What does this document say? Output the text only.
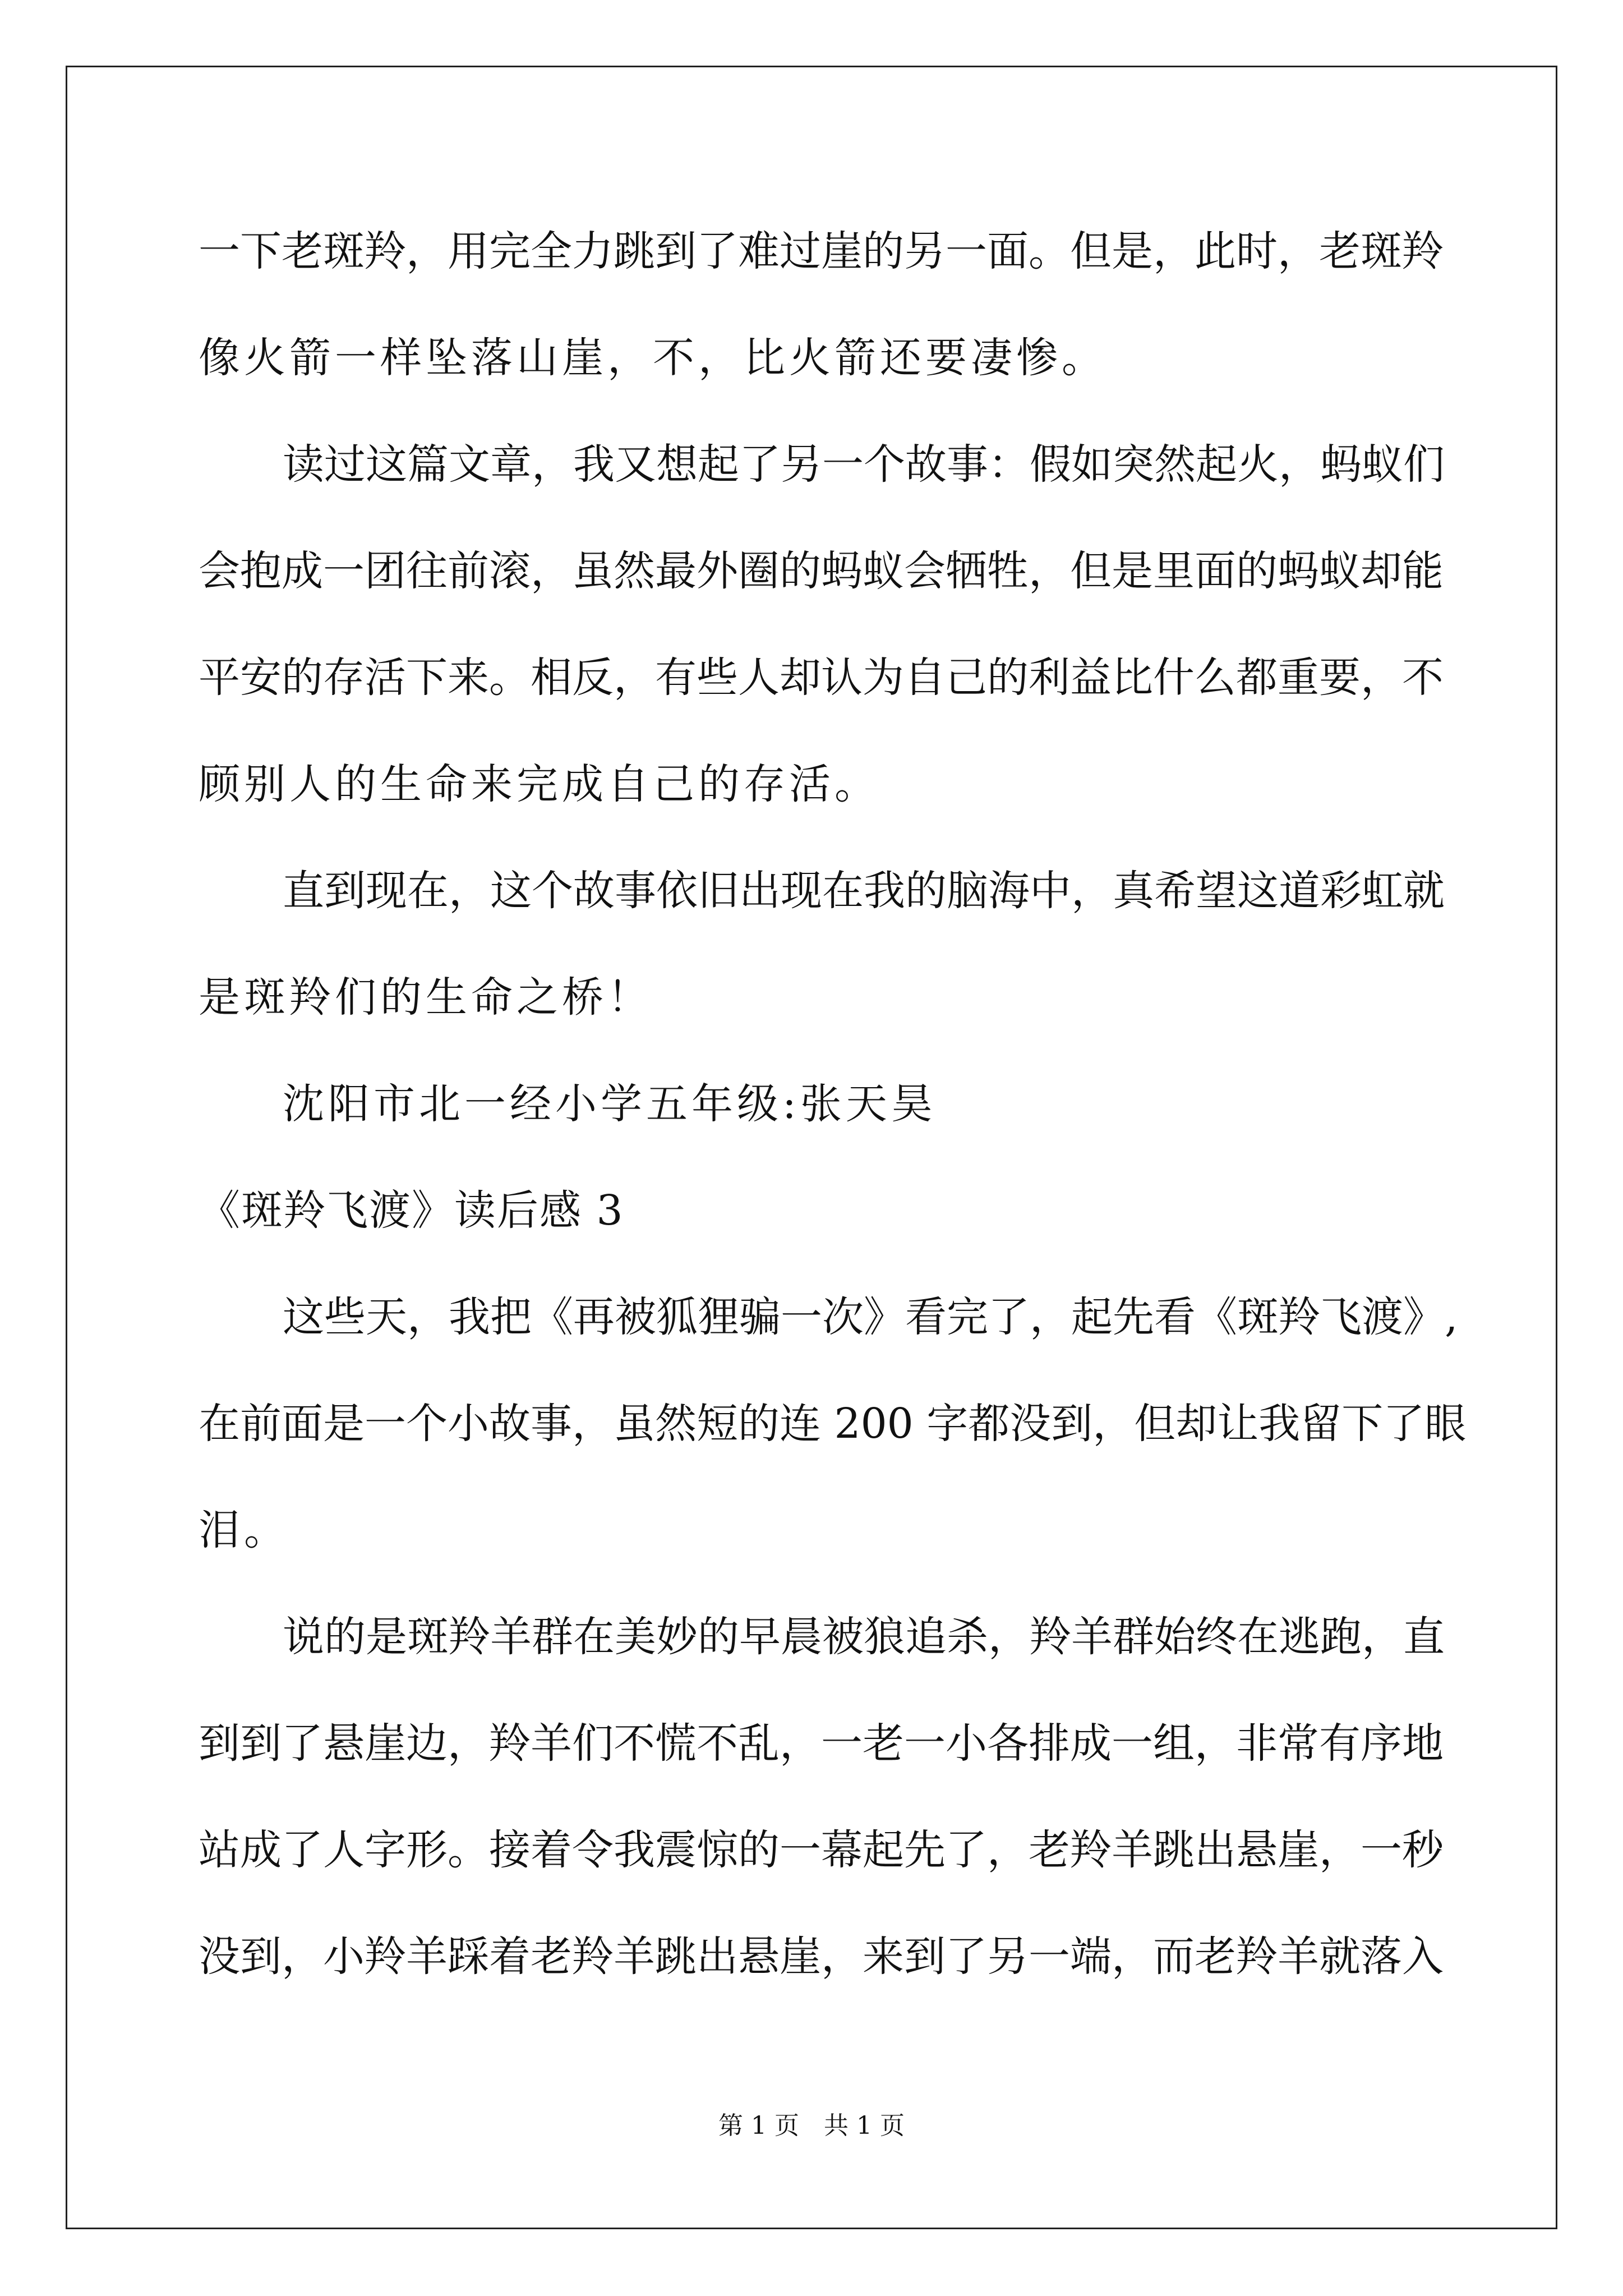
一下老斑羚，用完全力跳到了难过崖的另一面。但是，此时，老斑羚
像火箭一样坠落山崖，不，比火箭还要凄惨。
读过这篇文章，我又想起了另一个故事：假如突然起火，蚂蚁们
会抱成一团往前滚，虽然最外圈的蚂蚁会牺牲，但是里面的蚂蚁却能
平安的存活下来。相反，有些人却认为自己的利益比什么都重要，不
顾别人的生命来完成自己的存活。
直到现在，这个故事依旧出现在我的脑海中，真希望这道彩虹就
是斑羚们的生命之桥！
沈阳市北一经小学五年级:张天昊
《斑羚飞渡》读后感 3
这些天，我把《再被狐狸骗一次》看完了，起先看《斑羚飞渡》,
在前面是一个小故事，虽然短的连 200 字都没到，但却让我留下了眼
泪。
说的是斑羚羊群在美妙的早晨被狼追杀，羚羊群始终在逃跑，直
到到了悬崖边，羚羊们不慌不乱，一老一小各排成一组，非常有序地
站成了人字形。接着令我震惊的一幕起先了，老羚羊跳出悬崖，一秒
没到，小羚羊踩着老羚羊跳出悬崖，来到了另一端，而老羚羊就落入
第 1 页　共 1 页
